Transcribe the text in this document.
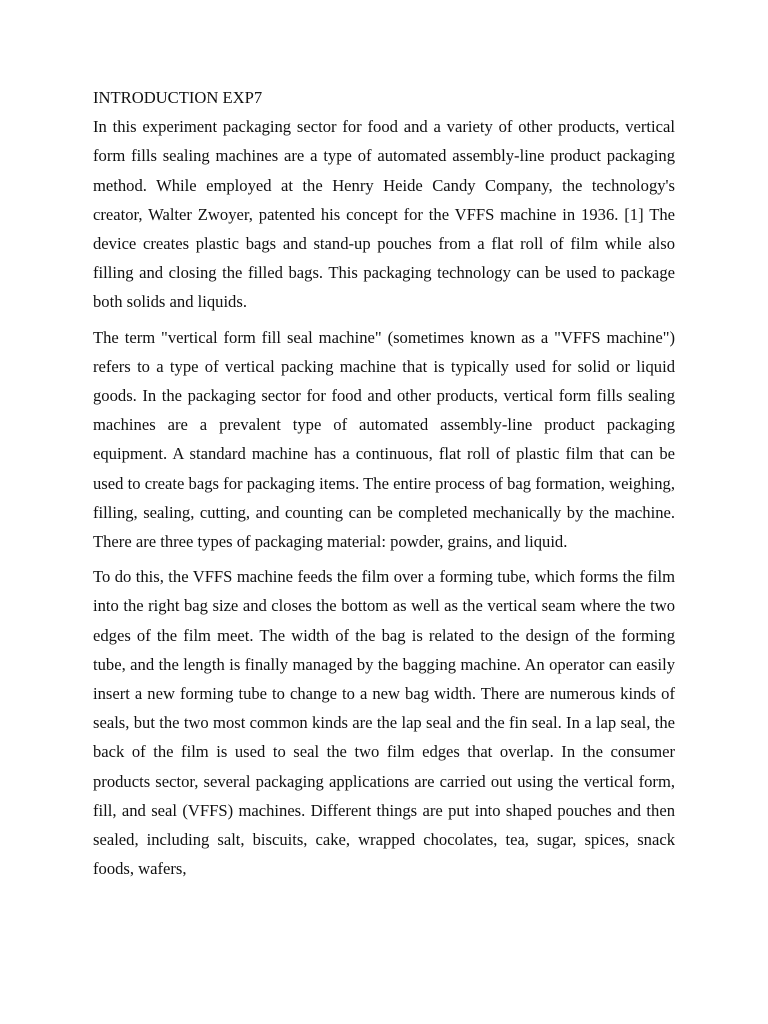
INTRODUCTION EXP7

In this experiment packaging sector for food and a variety of other products, vertical form fills sealing machines are a type of automated assembly-line product packaging method. While employed at the Henry Heide Candy Company, the technology's creator, Walter Zwoyer, patented his concept for the VFFS machine in 1936. [1] The device creates plastic bags and stand-up pouches from a flat roll of film while also filling and closing the filled bags. This packaging technology can be used to package both solids and liquids.

The term "vertical form fill seal machine" (sometimes known as a "VFFS machine") refers to a type of vertical packing machine that is typically used for solid or liquid goods. In the packaging sector for food and other products, vertical form fills sealing machines are a prevalent type of automated assembly-line product packaging equipment. A standard machine has a continuous, flat roll of plastic film that can be used to create bags for packaging items. The entire process of bag formation, weighing, filling, sealing, cutting, and counting can be completed mechanically by the machine. There are three types of packaging material: powder, grains, and liquid.

To do this, the VFFS machine feeds the film over a forming tube, which forms the film into the right bag size and closes the bottom as well as the vertical seam where the two edges of the film meet. The width of the bag is related to the design of the forming tube, and the length is finally managed by the bagging machine. An operator can easily insert a new forming tube to change to a new bag width. There are numerous kinds of seals, but the two most common kinds are the lap seal and the fin seal. In a lap seal, the back of the film is used to seal the two film edges that overlap. In the consumer products sector, several packaging applications are carried out using the vertical form, fill, and seal (VFFS) machines. Different things are put into shaped pouches and then sealed, including salt, biscuits, cake, wrapped chocolates, tea, sugar, spices, snack foods, wafers,
